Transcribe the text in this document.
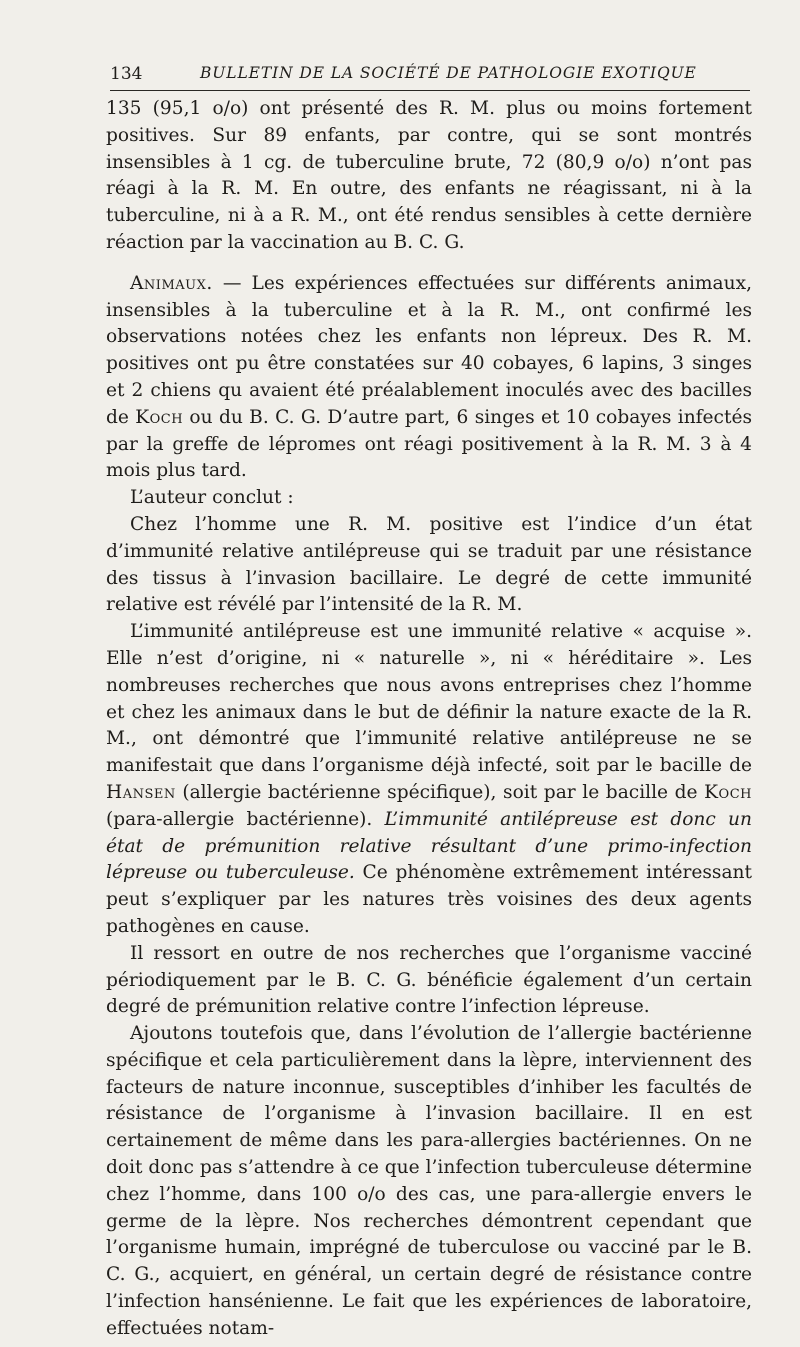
134	BULLETIN DE LA SOCIÉTÉ DE PATHOLOGIE EXOTIQUE

135 (95,1 o/o) ont présenté des R. M. plus ou moins fortement positives. Sur 89 enfants, par contre, qui se sont montrés insensibles à 1 cg. de tuberculine brute, 72 (80,9 o/o) n’ont pas réagi à la R. M. En outre, des enfants ne réagissant, ni à la tuberculine, ni à a R. M., ont été rendus sensibles à cette dernière réaction par la vaccination au B. C. G.

Animaux. — Les expériences effectuées sur différents animaux, insensibles à la tuberculine et à la R. M., ont confirmé les observations notées chez les enfants non lépreux. Des R. M. positives ont pu être constatées sur 40 cobayes, 6 lapins, 3 singes et 2 chiens qu avaient été préalablement inoculés avec des bacilles de Koch ou du B. C. G. D’autre part, 6 singes et 10 cobayes infectés par la greffe de lépromes ont réagi positivement à la R. M. 3 à 4 mois plus tard.

L’auteur conclut :

Chez l’homme une R. M. positive est l’indice d’un état d’immunité relative antilépreuse qui se traduit par une résistance des tissus à l’invasion bacillaire. Le degré de cette immunité relative est révélé par l’intensité de la R. M.

L’immunité antilépreuse est une immunité relative « acquise ». Elle n’est d’origine, ni « naturelle », ni « héréditaire ». Les nombreuses recherches que nous avons entreprises chez l’homme et chez les animaux dans le but de définir la nature exacte de la R. M., ont démontré que l’immunité relative antilépreuse ne se manifestait que dans l’organisme déjà infecté, soit par le bacille de Hansen (allergie bactérienne spécifique), soit par le bacille de Koch (para-allergie bactérienne). L’immunité antilépreuse est donc un état de prémunition relative résultant d’une primo-infection lépreuse ou tuberculeuse. Ce phénomène extrêmement intéressant peut s’expliquer par les natures très voisines des deux agents pathogènes en cause.

Il ressort en outre de nos recherches que l’organisme vacciné périodiquement par le B. C. G. bénéficie également d’un certain degré de prémunition relative contre l’infection lépreuse.

Ajoutons toutefois que, dans l’évolution de l’allergie bactérienne spécifique et cela particulièrement dans la lèpre, interviennent des facteurs de nature inconnue, susceptibles d’inhiber les facultés de résistance de l’organisme à l’invasion bacillaire. Il en est certainement de même dans les para-allergies bactériennes. On ne doit donc pas s’attendre à ce que l’infection tuberculeuse détermine chez l’homme, dans 100 o/o des cas, une para-allergie envers le germe de la lèpre. Nos recherches démontrent cependant que l’organisme humain, imprégné de tuberculose ou vacciné par le B. C. G., acquiert, en général, un certain degré de résistance contre l’infection hansénienne. Le fait que les expériences de laboratoire, effectuées notam-
